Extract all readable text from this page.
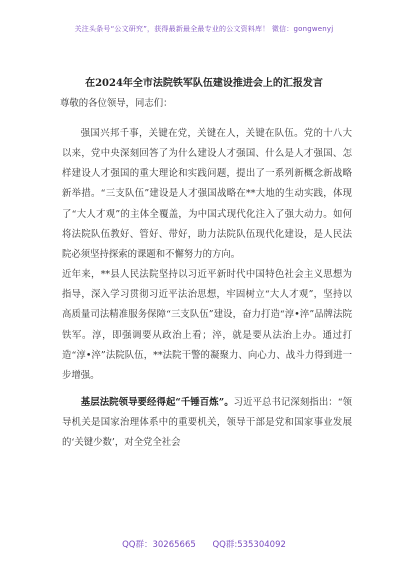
关注头条号“公文研究”，获得最新最全最专业的公文资料库！ 微信：gongwenyj
在2024年全市法院铁军队伍建设推进会上的汇报发言
尊敬的各位领导，同志们：

强国兴邦千事，关键在党，关键在人，关键在队伍。党的十八大以来，党中央深刻回答了为什么建设人才强国、什么是人才强国、怎样建设人才强国的重大理论和实践问题，提出了一系列新概念新战略新举措。“三支队伍”建设是人才强国战略在**大地的生动实践，体现了“大人才观”的主体全覆盖，为中国式现代化注入了强大动力。如何将法院队伍教好、管好、带好，助力法院队伍现代化建设，是人民法院必须坚持探索的课题和不懈努力的方向。

近年来，**县人民法院坚持以习近平新时代中国特色社会主义思想为指导，深入学习贯彻习近平法治思想，牢固树立“大人才观”，坚持以高质量司法精准服务保障“三支队伍”建设，奋力打造“淳•淬”品牌法院铁军。淳，即强调要从政治上看；淬，就是要从法治上办。通过打造“淳•淬”法院队伍，**法院干警的凝聚力、向心力、战斗力得到进一步增强。

基层法院领导要经得起“千锤百炼”。习近平总书记深刻指出：“领导机关是国家治理体系中的重要机关，领导干部是党和国家事业发展的‘关键少数’，对全党全社会

QQ群：30265665 QQ群:535304092
